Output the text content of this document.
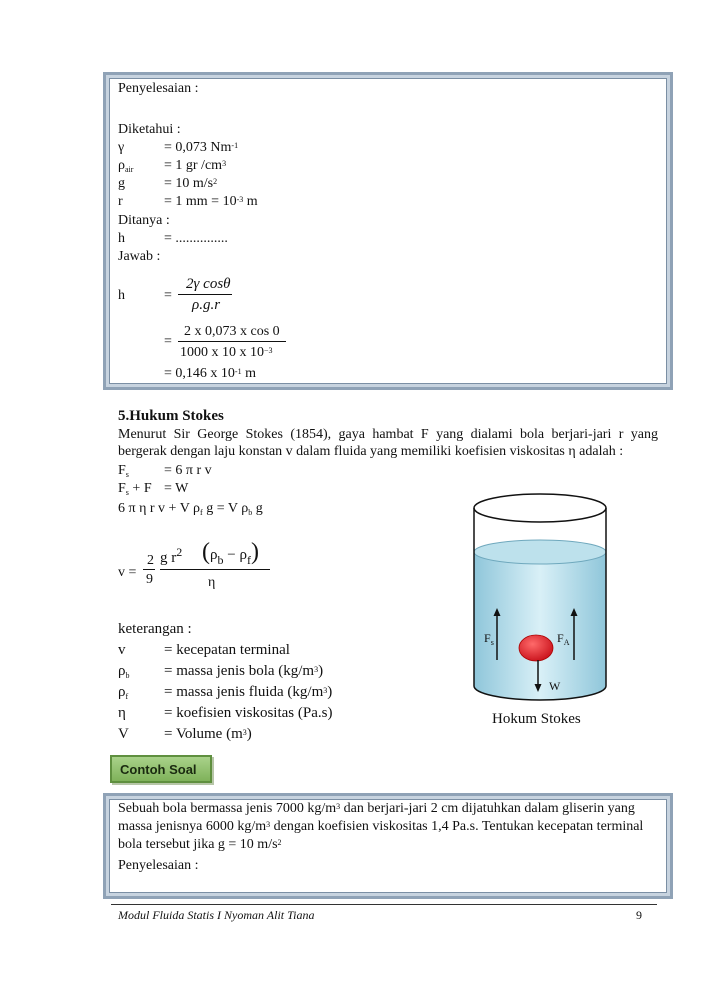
Penyelesaian :
Diketahui :
γ	= 0,073 $Nm^{-1}$
$\rho_{air} = 1$ gr $/cm^3$
g	= 10 $m/s^2$
r	= 1 mm = $10^{-3}$ m
Ditanya :
h	= ...............
Jawab :
h	=
2γ cosθ
ρ.g.r
=
2 x 0,073 x cos 0
1000 x 10 x $10^{-3}$
= 0,146 x $10^{-1}$ m
5.Hukum Stokes
Menurut Sir George Stokes (1854), gaya hambat F yang dialami bola berjari-jari r yang bergerak dengan laju konstan v dalam fluida yang memiliki koefisien viskositas η adalah :
$F_s$	= 6 π r v
$F_s + F = W$
6 π η r v + V $\rho_f$ g = V $\rho_b$ g
v =
2
9
g $r^2$ $(\rho_b - \rho_f)$
η
keterangan :
v	= kecepatan terminal
$\rho_b$ = massa jenis bola $(kg/m^3)$
$\rho_f$ = massa jenis fluida $(kg/m^3)$
η	= koefisien viskositas (Pa.s)
V = Volume $(m^3)$
$F_s$	$F_A$
W
Hokum Stokes
Contoh Soal
Sebuah bola bermassa jenis 7000 $kg/m^3$ dan berjari-jari 2 cm dijatuhkan dalam gliserin yang
massa jenisnya 6000 $kg/m^3$ dengan koefisien viskositas 1,4 Pa.s. Tentukan kecepatan terminal
bola tersebut jika g = 10 $m/s^2$
Penyelesaian :
Modul Fluida Statis I Nyoman Alit Tiana	9
